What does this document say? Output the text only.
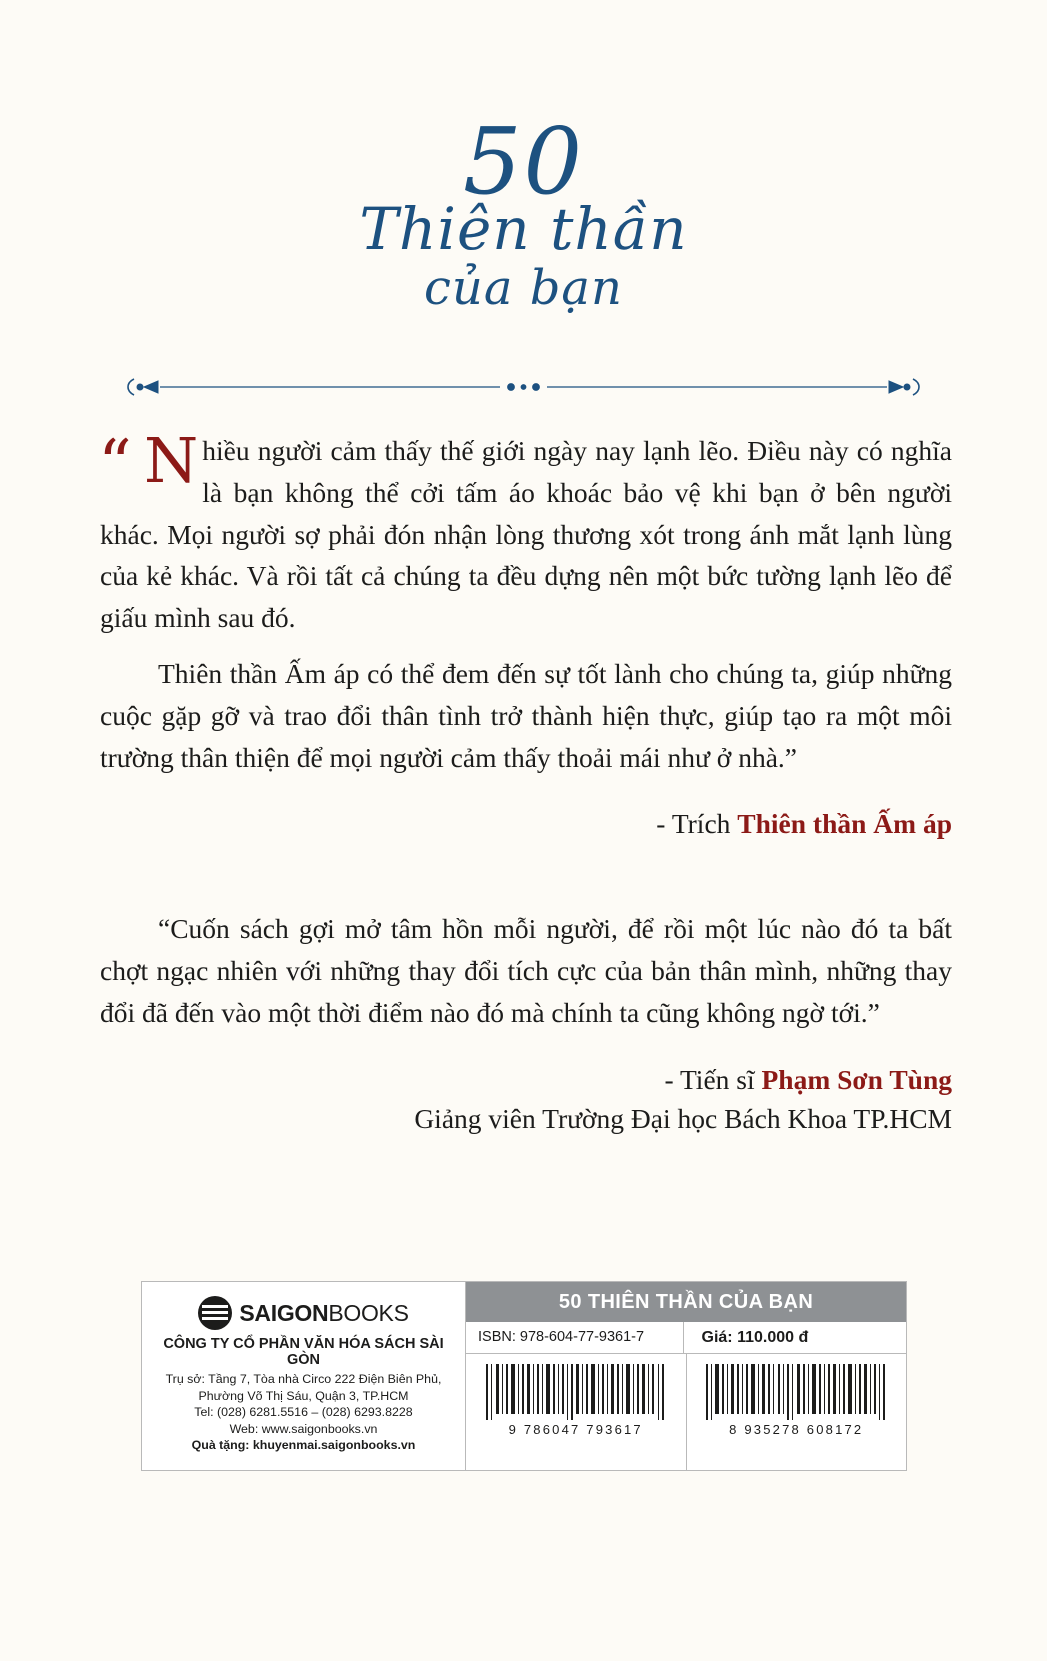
50
Thiên thần
của bạn
“ N hiều người cảm thấy thế giới ngày nay lạnh lẽo. Điều này có nghĩa là bạn không thể cởi tấm áo khoác bảo vệ khi bạn ở bên người khác. Mọi người sợ phải đón nhận lòng thương xót trong ánh mắt lạnh lùng của kẻ khác. Và rồi tất cả chúng ta đều dựng nên một bức tường lạnh lẽo để giấu mình sau đó.

Thiên thần Ấm áp có thể đem đến sự tốt lành cho chúng ta, giúp những cuộc gặp gỡ và trao đổi thân tình trở thành hiện thực, giúp tạo ra một môi trường thân thiện để mọi người cảm thấy thoải mái như ở nhà.”

- Trích Thiên thần Ấm áp

“Cuốn sách gợi mở tâm hồn mỗi người, để rồi một lúc nào đó ta bất chợt ngạc nhiên với những thay đổi tích cực của bản thân mình, những thay đổi đã đến vào một thời điểm nào đó mà chính ta cũng không ngờ tới.”

- Tiến sĩ Phạm Sơn Tùng
Giảng viên Trường Đại học Bách Khoa TP.HCM
SAIGONBOOKS
CÔNG TY CỔ PHẦN VĂN HÓA SÁCH SÀI GÒN
Trụ sở: Tầng 7, Tòa nhà Circo 222 Điện Biên Phủ,
Phường Võ Thị Sáu, Quận 3, TP.HCM
Tel: (028) 6281.5516 – (028) 6293.8228
Web: www.saigonbooks.vn
Quà tặng: khuyenmai.saigonbooks.vn
50 THIÊN THẦN CỦA BẠN
ISBN: 978-604-77-9361-7	Giá: 110.000 đ
9 786047 793617	8 935278 608172
